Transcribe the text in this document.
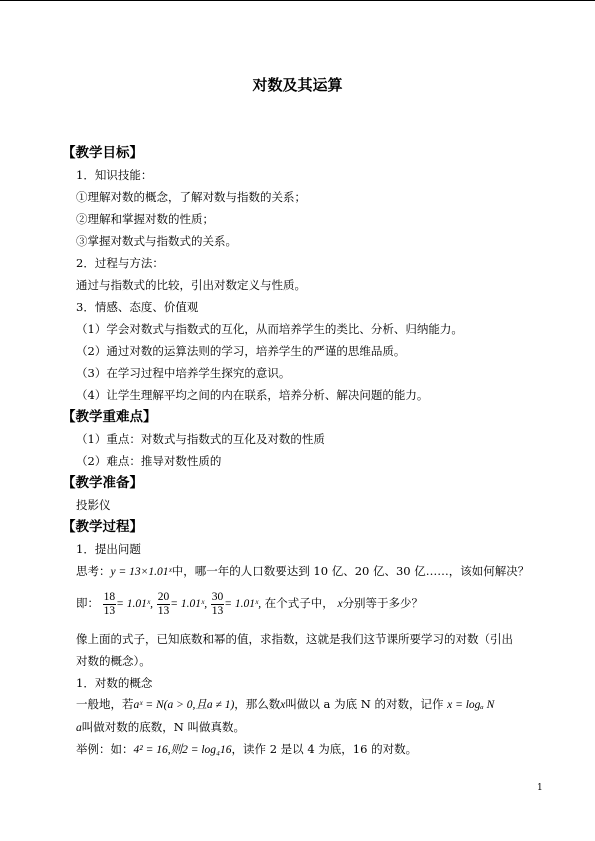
对数及其运算
【教学目标】
1．知识技能：
①理解对数的概念，了解对数与指数的关系；
②理解和掌握对数的性质；
③掌握对数式与指数式的关系。
2．过程与方法：
通过与指数式的比较，引出对数定义与性质。
3．情感、态度、价值观
（1）学会对数式与指数式的互化，从而培养学生的类比、分析、归纳能力。
（2）通过对数的运算法则的学习，培养学生的严谨的思维品质。
（3）在学习过程中培养学生探究的意识。
（4）让学生理解平均之间的内在联系，培养分析、解决问题的能力。
【教学重难点】
（1）重点：对数式与指数式的互化及对数的性质
（2）难点：推导对数性质的
【教学准备】
投影仪
【教学过程】
1．提出问题
思考：y = 13×1.01ˣ中，哪一年的人口数要达到 10 亿、20 亿、30 亿……，该如何解决？
即： $\frac{18}{13}$ = 1.01ˣ, $\frac{20}{13}$ = 1.01ˣ, $\frac{30}{13}$ = 1.01ˣ, 在个式子中， x分别等于多少？
像上面的式子，已知底数和幂的值，求指数，这就是我们这节课所要学习的对数（引出
对数的概念）。
1．对数的概念
一般地，若aˣ = N(a > 0,且a ≠ 1)，那么数x叫做以 a 为底 N 的对数，记作 x = logₐ N
a叫做对数的底数，N 叫做真数。
举例：如：4² = 16,则2 = log₄16，读作 2 是以 4 为底，16 的对数。
1
